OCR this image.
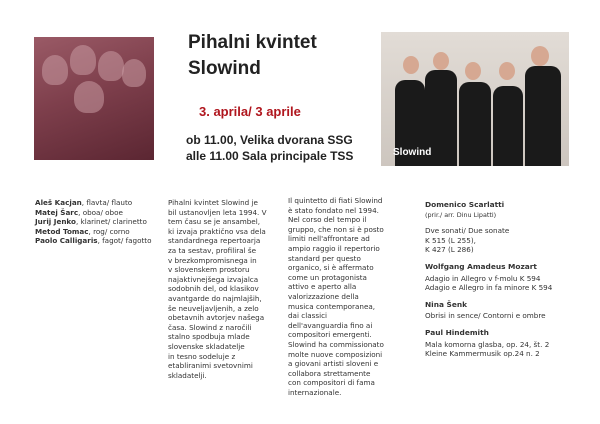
Pihalni kvintet
Slowind
3. aprila/ 3 aprile
ob 11.00, Velika dvorana SSG
alle 11.00 Sala principale TSS	Slowind
Aleš Kacjan, flavta/ flauto
Matej Šarc, oboa/ oboe
Jurij Jenko, klarinet/ clarinetto
Metod Tomac, rog/ corno
Paolo Calligaris, fagot/ fagotto
Pihalni kvintet Slowind je
bil ustanovljen leta 1994. V
tem času se je ansambel,
ki izvaja praktično vsa dela
standardnega repertoarja
za ta sestav, profiliral še
v brezkompromisnega in
v slovenskem prostoru
najaktivnejšega izvajalca
sodobnih del, od klasikov
avantgarde do najmlajših,
še neuveljavljenih, a zelo
obetavnih avtorjev našega
časa. Slowind z naročili
stalno spodbuja mlade
slovenske skladatelje
in tesno sodeluje z
etabliranimi svetovnimi
skladatelji.
Il quintetto di fiati Slowind
è stato fondato nel 1994.
Nel corso del tempo il
gruppo, che non si è posto
limiti nell'affrontare ad
ampio raggio il repertorio
standard per questo
organico, si è affermato
come un protagonista
attivo e aperto alla
valorizzazione della
musica contemporanea,
dai classici
dell'avanguardia fino ai
compositori emergenti.
Slowind ha commissionato
molte nuove composizioni
a giovani artisti sloveni e
collabora strettamente
con compositori di fama
internazionale.
Domenico Scarlatti
(prir./ arr. Dinu Lipatti)
Dve sonati/ Due sonate
K 515 (L 255),
K 427 (L 286)
Wolfgang Amadeus Mozart
Adagio in Allegro v f-molu K 594
Adagio e Allegro in fa minore K 594
Nina Šenk
Obrisi in sence/ Contorni e ombre
Paul Hindemith
Mala komorna glasba, op. 24, št. 2
Kleine Kammermusik op.24 n. 2
